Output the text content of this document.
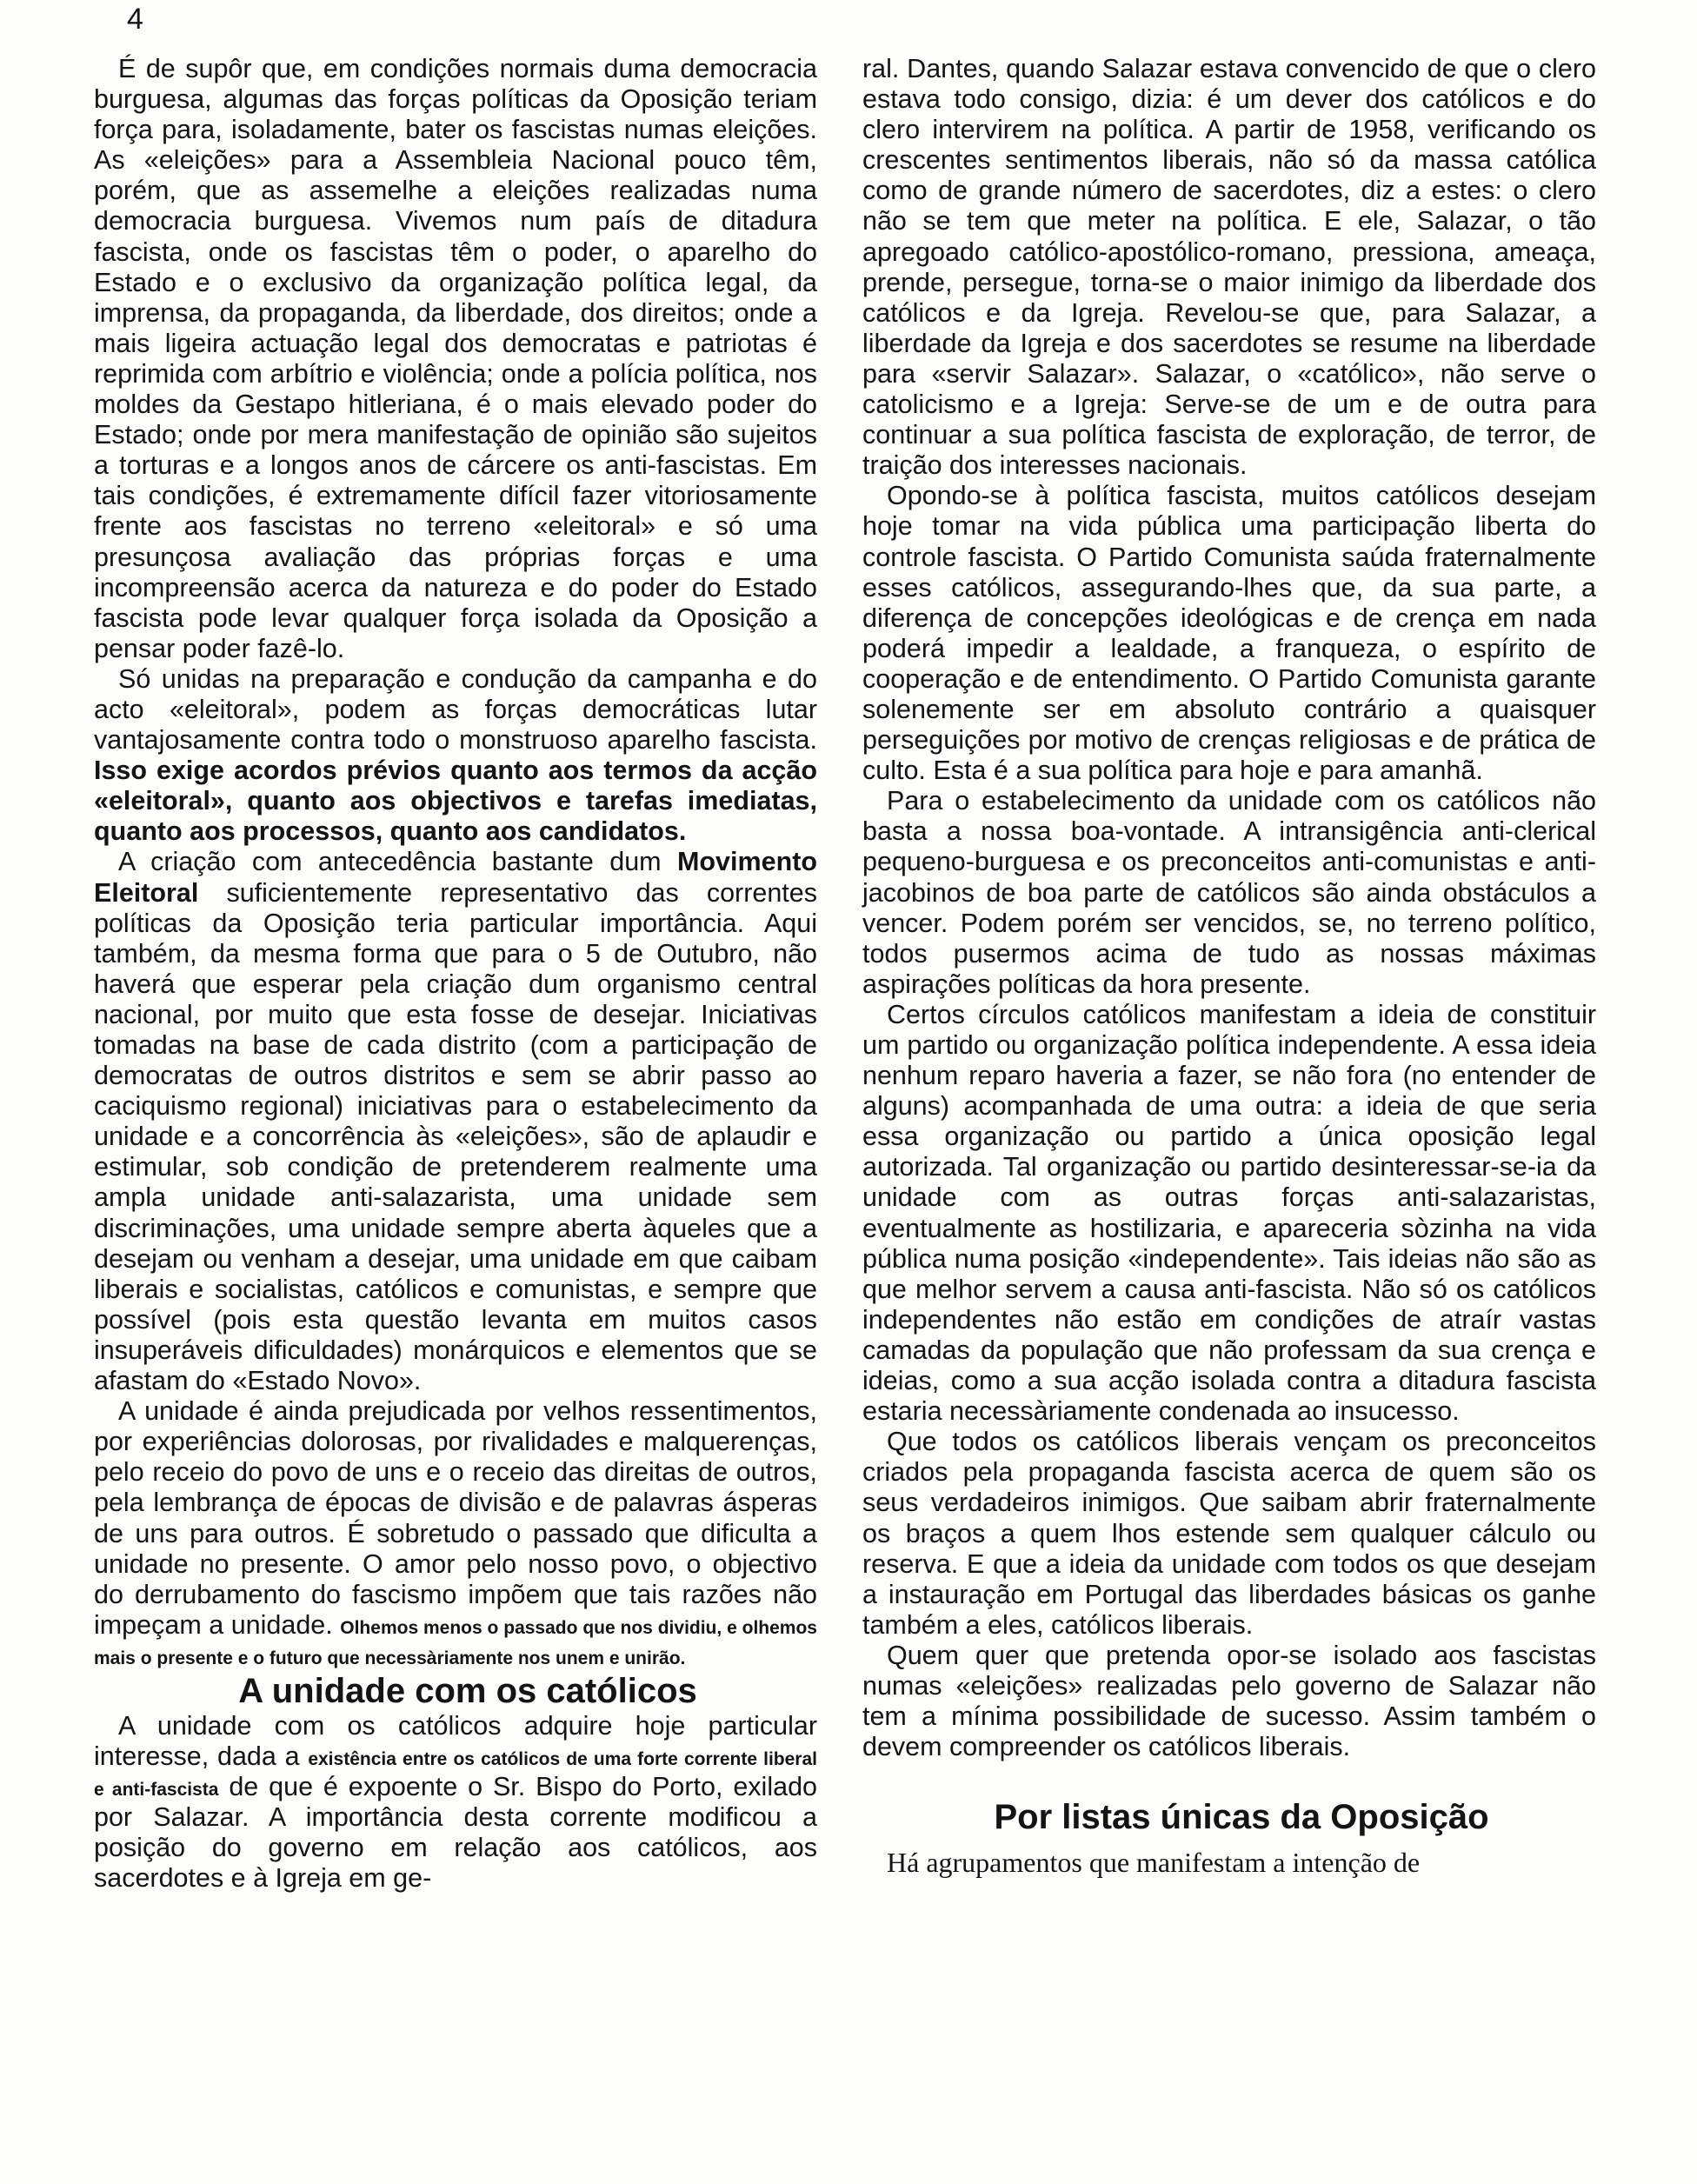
4

É de supôr que, em condições normais duma democracia burguesa, algumas das forças políticas da Oposição teriam força para, isoladamente, bater os fascistas numas eleições. As «eleições» para a Assembleia Nacional pouco têm, porém, que as assemelhe a eleições realizadas numa democracia burguesa. Vivemos num país de ditadura fascista, onde os fascistas têm o poder, o aparelho do Estado e o exclusivo da organização política legal, da imprensa, da propaganda, da liberdade, dos direitos; onde a mais ligeira actuação legal dos democratas e patriotas é reprimida com arbítrio e violência; onde a polícia política, nos moldes da Gestapo hitleriana, é o mais elevado poder do Estado; onde por mera manifestação de opinião são sujeitos a torturas e a longos anos de cárcere os anti-fascistas. Em tais condições, é extremamente difícil fazer vitoriosamente frente aos fascistas no terreno «eleitoral» e só uma presunçosa avaliação das próprias forças e uma incompreensão acerca da natureza e do poder do Estado fascista pode levar qualquer força isolada da Oposição a pensar poder fazê-lo.

Só unidas na preparação e condução da campanha e do acto «eleitoral», podem as forças democráticas lutar vantajosamente contra todo o monstruoso aparelho fascista. Isso exige acordos prévios quanto aos termos da acção «eleitoral», quanto aos objectivos e tarefas imediatas, quanto aos processos, quanto aos candidatos.

A criação com antecedência bastante dum Movimento Eleitoral suficientemente representativo das correntes políticas da Oposição teria particular importância. Aqui também, da mesma forma que para o 5 de Outubro, não haverá que esperar pela criação dum organismo central nacional, por muito que esta fosse de desejar. Iniciativas tomadas na base de cada distrito (com a participação de democratas de outros distritos e sem se abrir passo ao caciquismo regional) iniciativas para o estabelecimento da unidade e a concorrência às «eleições», são de aplaudir e estimular, sob condição de pretenderem realmente uma ampla unidade anti-salazarista, uma unidade sem discriminações, uma unidade sempre aberta àqueles que a desejam ou venham a desejar, uma unidade em que caibam liberais e socialistas, católicos e comunistas, e sempre que possível (pois esta questão levanta em muitos casos insuperáveis dificuldades) monárquicos e elementos que se afastam do «Estado Novo».

A unidade é ainda prejudicada por velhos ressentimentos, por experiências dolorosas, por rivalidades e malquerenças, pelo receio do povo de uns e o receio das direitas de outros, pela lembrança de épocas de divisão e de palavras ásperas de uns para outros. É sobretudo o passado que dificulta a unidade no presente. O amor pelo nosso povo, o objectivo do derrubamento do fascismo impõem que tais razões não impeçam a unidade. Olhemos menos o passado que nos dividiu, e olhemos mais o presente e o futuro que necessàriamente nos unem e unirão.

A unidade com os católicos

A unidade com os católicos adquire hoje particular interesse, dada a existência entre os católicos de uma forte corrente liberal e anti-fascista de que é expoente o Sr. Bispo do Porto, exilado por Salazar. A importância desta corrente modificou a posição do governo em relação aos católicos, aos sacerdotes e à Igreja em ge-

ral. Dantes, quando Salazar estava convencido de que o clero estava todo consigo, dizia: é um dever dos católicos e do clero intervirem na política. A partir de 1958, verificando os crescentes sentimentos liberais, não só da massa católica como de grande número de sacerdotes, diz a estes: o clero não se tem que meter na política. E ele, Salazar, o tão apregoado católico-apostólico-romano, pressiona, ameaça, prende, persegue, torna-se o maior inimigo da liberdade dos católicos e da Igreja. Revelou-se que, para Salazar, a liberdade da Igreja e dos sacerdotes se resume na liberdade para «servir Salazar». Salazar, o «católico», não serve o catolicismo e a Igreja: Serve-se de um e de outra para continuar a sua política fascista de exploração, de terror, de traição dos interesses nacionais.

Opondo-se à política fascista, muitos católicos desejam hoje tomar na vida pública uma participação liberta do controle fascista. O Partido Comunista saúda fraternalmente esses católicos, assegurando-lhes que, da sua parte, a diferença de concepções ideológicas e de crença em nada poderá impedir a lealdade, a franqueza, o espírito de cooperação e de entendimento. O Partido Comunista garante solenemente ser em absoluto contrário a quaisquer perseguições por motivo de crenças religiosas e de prática de culto. Esta é a sua política para hoje e para amanhã.

Para o estabelecimento da unidade com os católicos não basta a nossa boa-vontade. A intransigência anti-clerical pequeno-burguesa e os preconceitos anti-comunistas e anti-jacobinos de boa parte de católicos são ainda obstáculos a vencer. Podem porém ser vencidos, se, no terreno político, todos pusermos acima de tudo as nossas máximas aspirações políticas da hora presente.

Certos círculos católicos manifestam a ideia de constituir um partido ou organização política independente. A essa ideia nenhum reparo haveria a fazer, se não fora (no entender de alguns) acompanhada de uma outra: a ideia de que seria essa organização ou partido a única oposição legal autorizada. Tal organização ou partido desinteressar-se-ia da unidade com as outras forças anti-salazaristas, eventualmente as hostilizaria, e apareceria sòzinha na vida pública numa posição «independente». Tais ideias não são as que melhor servem a causa anti-fascista. Não só os católicos independentes não estão em condições de atraír vastas camadas da população que não professam da sua crença e ideias, como a sua acção isolada contra a ditadura fascista estaria necessàriamente condenada ao insucesso.

Que todos os católicos liberais vençam os preconceitos criados pela propaganda fascista acerca de quem são os seus verdadeiros inimigos. Que saibam abrir fraternalmente os braços a quem lhos estende sem qualquer cálculo ou reserva. E que a ideia da unidade com todos os que desejam a instauração em Portugal das liberdades básicas os ganhe também a eles, católicos liberais.

Quem quer que pretenda opor-se isolado aos fascistas numas «eleições» realizadas pelo governo de Salazar não tem a mínima possibilidade de sucesso. Assim também o devem compreender os católicos liberais.

Por listas únicas da Oposição

Há agrupamentos que manifestam a intenção de
